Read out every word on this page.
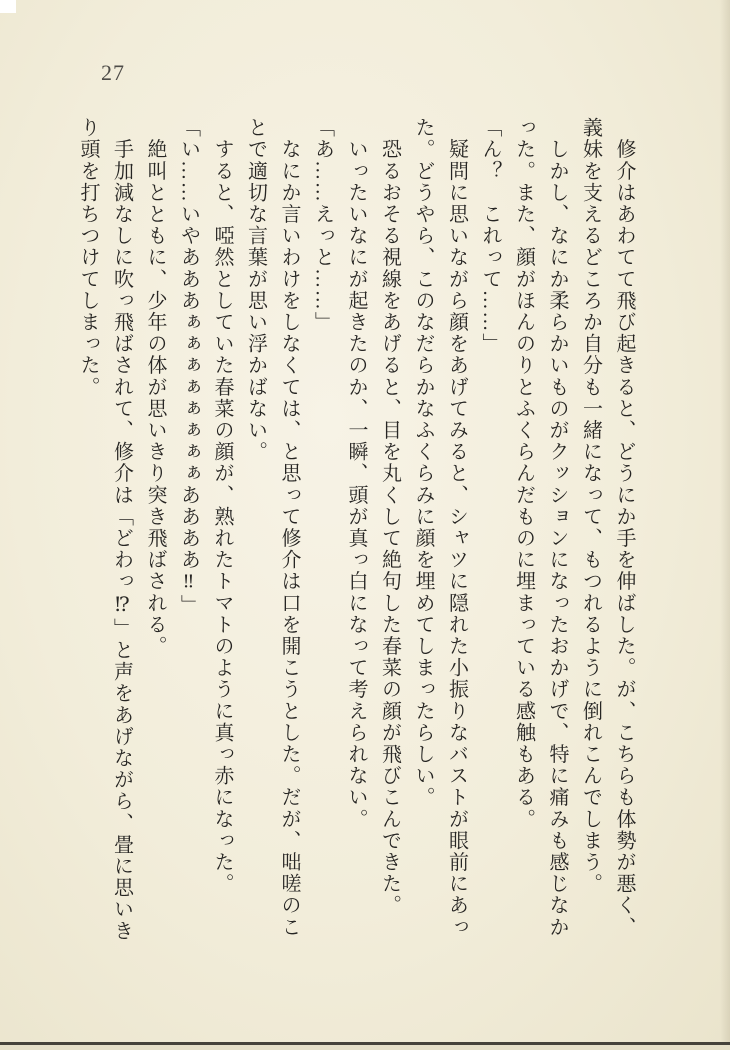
27

　修介はあわてて飛び起きると、どうにか手を伸ばした。が、こちらも体勢が悪く、

義妹を支えるどころか自分も一緒になって、もつれるように倒れこんでしまう。

　しかし、なにか柔らかいものがクッションになったおかげで、特に痛みも感じなか

った。また、顔がほんのりとふくらんだものに埋まっている感触もある。

「ん？　これって……」

　疑問に思いながら顔をあげてみると、シャツに隠れた小振りなバストが眼前にあっ

た。どうやら、このなだらかなふくらみに顔を埋めてしまったらしい。

　恐るおそる視線をあげると、目を丸くして絶句した春菜の顔が飛びこんできた。

　いったいなにが起きたのか、一瞬、頭が真っ白になって考えられない。

「あ……えっと……」

　なにか言いわけをしなくては、と思って修介は口を開こうとした。だが、咄嗟のこ

とで適切な言葉が思い浮かばない。

　すると、啞然としていた春菜の顔が、熟れたトマトのように真っ赤になった。

「い……いやあああぁぁぁぁぁぁぁぁああああ‼」

　絶叫とともに、少年の体が思いきり突き飛ばされる。

　手加減なしに吹っ飛ばされて、修介は「どわっ⁉」と声をあげながら、畳に思いき

り頭を打ちつけてしまった。
